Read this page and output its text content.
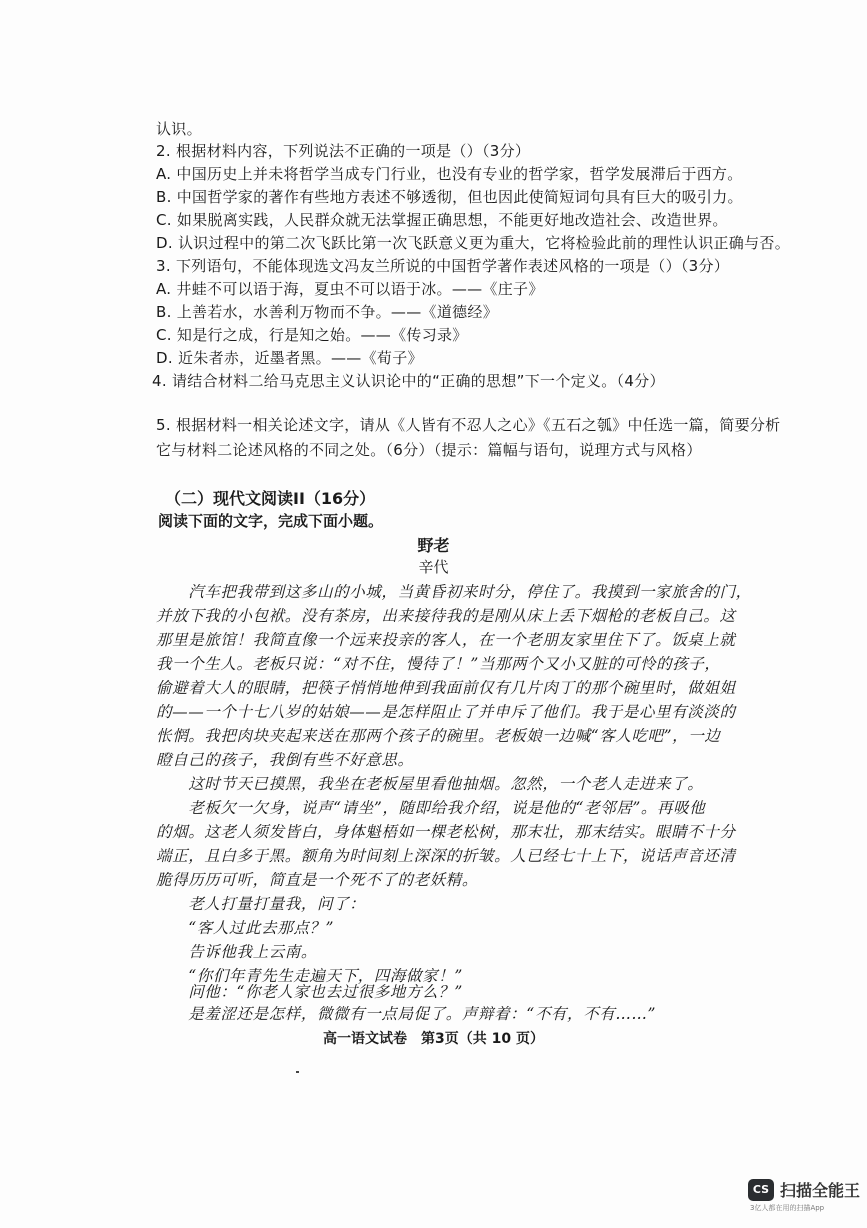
认识。
2. 根据材料内容，下列说法不正确的一项是（）（3分）
A. 中国历史上并未将哲学当成专门行业，也没有专业的哲学家，哲学发展滞后于西方。
B. 中国哲学家的著作有些地方表述不够透彻，但也因此使简短词句具有巨大的吸引力。
C. 如果脱离实践，人民群众就无法掌握正确思想，不能更好地改造社会、改造世界。
D. 认识过程中的第二次飞跃比第一次飞跃意义更为重大，它将检验此前的理性认识正确与否。
3. 下列语句，不能体现选文冯友兰所说的中国哲学著作表述风格的一项是（）（3分）
A. 井蛙不可以语于海，夏虫不可以语于冰。——《庄子》
B. 上善若水，水善利万物而不争。——《道德经》
C. 知是行之成，行是知之始。——《传习录》
D. 近朱者赤，近墨者黑。——《荀子》
4. 请结合材料二给马克思主义认识论中的“正确的思想”下一个定义。（4分）
5. 根据材料一相关论述文字，请从《人皆有不忍人之心》《五石之瓠》中任选一篇，简要分析
它与材料二论述风格的不同之处。（6分）（提示：篇幅与语句，说理方式与风格）
（二）现代文阅读II（16分）
阅读下面的文字，完成下面小题。
野老
辛代
　　汽车把我带到这多山的小城，当黄昏初来时分，停住了。我摸到一家旅舍的门，
并放下我的小包袱。没有茶房，出来接待我的是刚从床上丢下烟枪的老板自己。这
那里是旅馆！我简直像一个远来投亲的客人，在一个老朋友家里住下了。饭桌上就
我一个生人。老板只说：“对不住，慢待了！”当那两个又小又脏的可怜的孩子，
偷避着大人的眼睛，把筷子悄悄地伸到我面前仅有几片肉丁的那个碗里时，做姐姐
的——一个十七八岁的姑娘——是怎样阻止了并申斥了他们。我于是心里有淡淡的
怅惘。我把肉块夹起来送在那两个孩子的碗里。老板娘一边喊“客人吃吧”，一边
瞪自己的孩子，我倒有些不好意思。
　　这时节天已摸黑，我坐在老板屋里看他抽烟。忽然，一个老人走进来了。
　　老板欠一欠身，说声“请坐”，随即给我介绍，说是他的“老邻居”。再吸他
的烟。这老人须发皆白，身体魁梧如一棵老松树，那末壮，那末结实。眼睛不十分
端正，且白多于黑。额角为时间刻上深深的折皱。人已经七十上下，说话声音还清
脆得历历可听，简直是一个死不了的老妖精。
　　老人打量打量我，问了：
　　“客人过此去那点？”
　　告诉他我上云南。
　　“你们年青先生走遍天下，四海做家！”
　　问他：“你老人家也去过很多地方么？”
高一语文试卷　第3页（共 10 页）
CS 扫描全能王
3亿人都在用的扫描App
　　是羞涩还是怎样，微微有一点局促了。声辩着：“不有，不有……”
